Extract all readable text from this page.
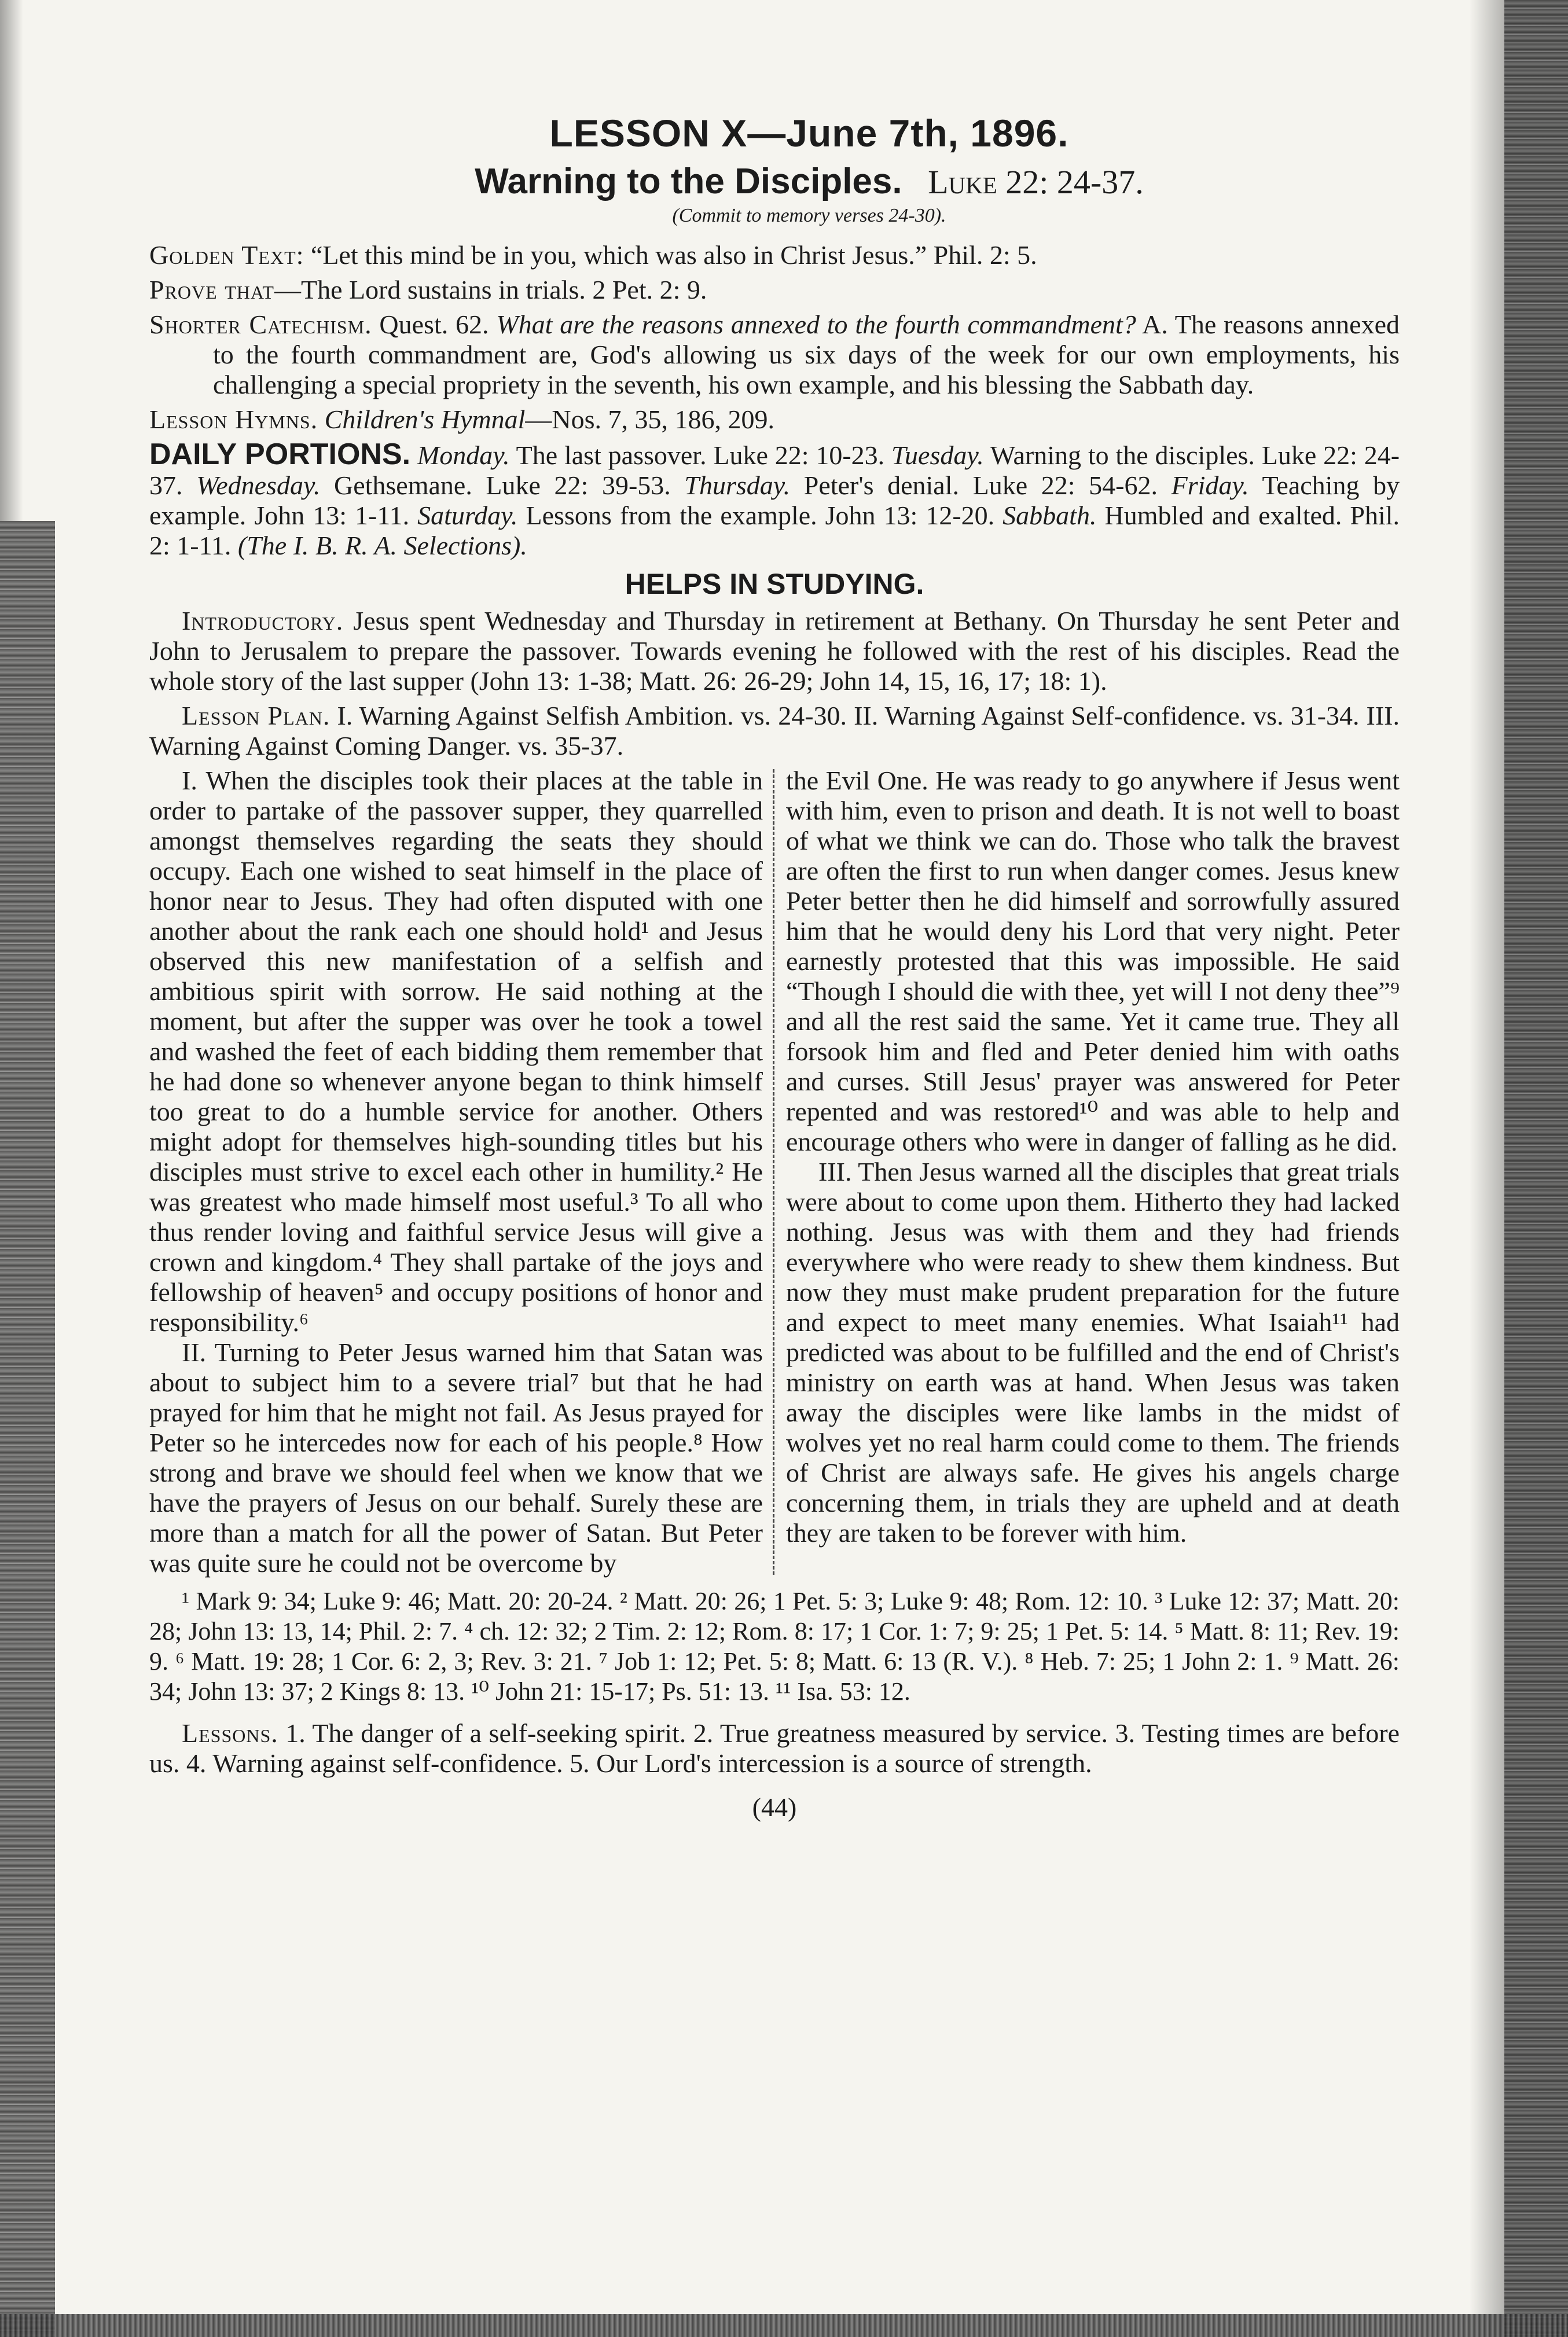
LESSON X—June 7th, 1896.
Warning to the Disciples. Luke 22: 24-37.
(Commit to memory verses 24-30).

Golden Text: “Let this mind be in you, which was also in Christ Jesus.” Phil. 2: 5.

Prove that—The Lord sustains in trials. 2 Pet. 2: 9.

Shorter Catechism. Quest. 62. What are the reasons annexed to the fourth commandment? A. The reasons annexed to the fourth commandment are, God's allowing us six days of the week for our own employments, his challenging a special propriety in the seventh, his own example, and his blessing the Sabbath day.

Lesson Hymns. Children's Hymnal—Nos. 7, 35, 186, 209.

DAILY PORTIONS. Monday. The last passover. Luke 22: 10-23. Tuesday. Warning to the disciples. Luke 22: 24-37. Wednesday. Gethsemane. Luke 22: 39-53. Thursday. Peter's denial. Luke 22: 54-62. Friday. Teaching by example. John 13: 1-11. Saturday. Lessons from the example. John 13: 12-20. Sabbath. Humbled and exalted. Phil. 2: 1-11. (The I. B. R. A. Selections).

HELPS IN STUDYING.

Introductory. Jesus spent Wednesday and Thursday in retirement at Bethany. On Thursday he sent Peter and John to Jerusalem to prepare the passover. Towards evening he followed with the rest of his disciples. Read the whole story of the last supper (John 13: 1-38; Matt. 26: 26-29; John 14, 15, 16, 17; 18: 1).

Lesson Plan. I. Warning Against Selfish Ambition. vs. 24-30. II. Warning Against Self-confidence. vs. 31-34. III. Warning Against Coming Danger. vs. 35-37.

I. When the disciples took their places at the table in order to partake of the passover supper, they quarrelled amongst themselves regarding the seats they should occupy. Each one wished to seat himself in the place of honor near to Jesus. They had often disputed with one another about the rank each one should hold¹ and Jesus observed this new manifestation of a selfish and ambitious spirit with sorrow. He said nothing at the moment, but after the supper was over he took a towel and washed the feet of each bidding them remember that he had done so whenever anyone began to think himself too great to do a humble service for another. Others might adopt for themselves high-sounding titles but his disciples must strive to excel each other in humility.² He was greatest who made himself most useful.³ To all who thus render loving and faithful service Jesus will give a crown and kingdom.⁴ They shall partake of the joys and fellowship of heaven⁵ and occupy positions of honor and responsibility.⁶

II. Turning to Peter Jesus warned him that Satan was about to subject him to a severe trial⁷ but that he had prayed for him that he might not fail. As Jesus prayed for Peter so he intercedes now for each of his people.⁸ How strong and brave we should feel when we know that we have the prayers of Jesus on our behalf. Surely these are more than a match for all the power of Satan. But Peter was quite sure he could not be overcome by

the Evil One. He was ready to go anywhere if Jesus went with him, even to prison and death. It is not well to boast of what we think we can do. Those who talk the bravest are often the first to run when danger comes. Jesus knew Peter better then he did himself and sorrowfully assured him that he would deny his Lord that very night. Peter earnestly protested that this was impossible. He said “Though I should die with thee, yet will I not deny thee”⁹ and all the rest said the same. Yet it came true. They all forsook him and fled and Peter denied him with oaths and curses. Still Jesus' prayer was answered for Peter repented and was restored¹⁰ and was able to help and encourage others who were in danger of falling as he did.

III. Then Jesus warned all the disciples that great trials were about to come upon them. Hitherto they had lacked nothing. Jesus was with them and they had friends everywhere who were ready to shew them kindness. But now they must make prudent preparation for the future and expect to meet many enemies. What Isaiah¹¹ had predicted was about to be fulfilled and the end of Christ's ministry on earth was at hand. When Jesus was taken away the disciples were like lambs in the midst of wolves yet no real harm could come to them. The friends of Christ are always safe. He gives his angels charge concerning them, in trials they are upheld and at death they are taken to be forever with him.

¹ Mark 9: 34; Luke 9: 46; Matt. 20: 20-24. ² Matt. 20: 26; 1 Pet. 5: 3; Luke 9: 48; Rom. 12: 10. ³ Luke 12: 37; Matt. 20: 28; John 13: 13, 14; Phil. 2: 7. ⁴ ch. 12: 32; 2 Tim. 2: 12; Rom. 8: 17; 1 Cor. 1: 7; 9: 25; 1 Pet. 5: 14. ⁵ Matt. 8: 11; Rev. 19: 9. ⁶ Matt. 19: 28; 1 Cor. 6: 2, 3; Rev. 3: 21. ⁷ Job 1: 12; Pet. 5: 8; Matt. 6: 13 (R. V.). ⁸ Heb. 7: 25; 1 John 2: 1. ⁹ Matt. 26: 34; John 13: 37; 2 Kings 8: 13. ¹⁰ John 21: 15-17; Ps. 51: 13. ¹¹ Isa. 53: 12.

Lessons. 1. The danger of a self-seeking spirit. 2. True greatness measured by service. 3. Testing times are before us. 4. Warning against self-confidence. 5. Our Lord's intercession is a source of strength.

(44)
